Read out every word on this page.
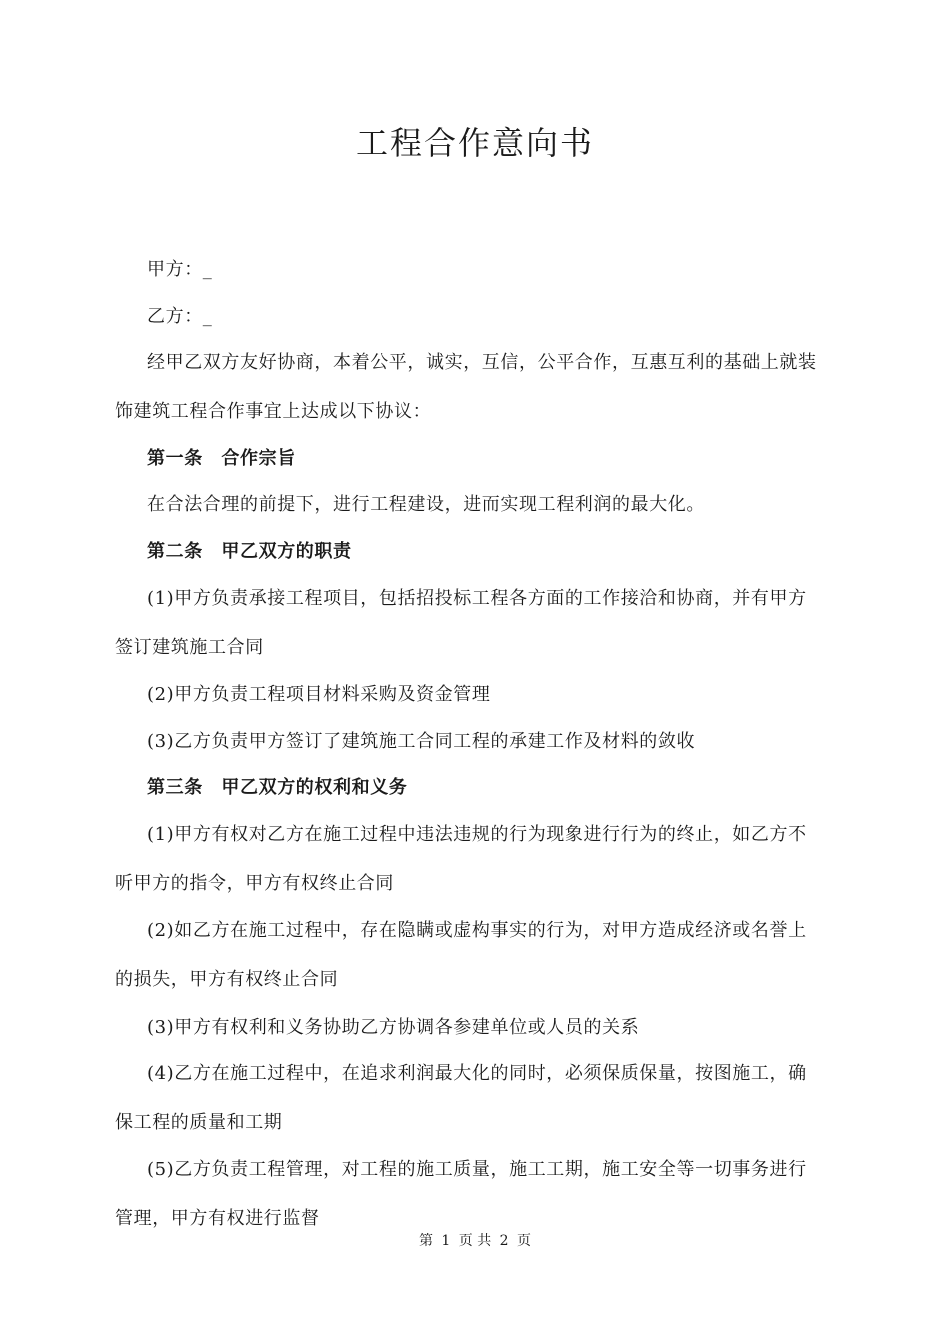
工程合作意向书
甲方：_
乙方：_
经甲乙双方友好协商，本着公平，诚实，互信，公平合作，互惠互利的基础上就装
饰建筑工程合作事宜上达成以下协议：
第一条　合作宗旨
在合法合理的前提下，进行工程建设，进而实现工程利润的最大化。
第二条　甲乙双方的职责
(1)甲方负责承接工程项目，包括招投标工程各方面的工作接洽和协商，并有甲方
签订建筑施工合同
(2)甲方负责工程项目材料采购及资金管理
(3)乙方负责甲方签订了建筑施工合同工程的承建工作及材料的敛收
第三条　甲乙双方的权利和义务
(1)甲方有权对乙方在施工过程中违法违规的行为现象进行行为的终止，如乙方不
听甲方的指令，甲方有权终止合同
(2)如乙方在施工过程中，存在隐瞒或虚构事实的行为，对甲方造成经济或名誉上
的损失，甲方有权终止合同
(3)甲方有权利和义务协助乙方协调各参建单位或人员的关系
(4)乙方在施工过程中，在追求利润最大化的同时，必须保质保量，按图施工，确
保工程的质量和工期
(5)乙方负责工程管理，对工程的施工质量，施工工期，施工安全等一切事务进行
管理，甲方有权进行监督
第 1 页 共 2 页
